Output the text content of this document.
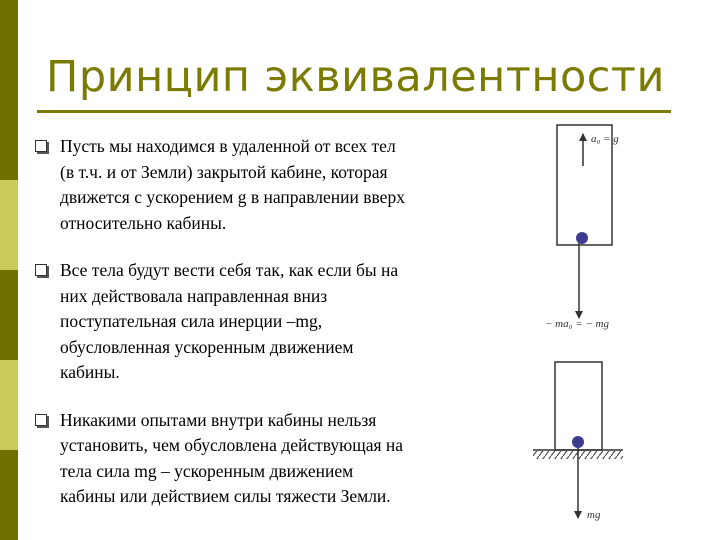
Принцип эквивалентности
Пусть мы находимся в удаленной от всех тел
(в т.ч. и от Земли) закрытой кабине, которая
движется с ускорением g в направлении вверх
относительно кабины.
Все тела будут вести себя так, как если бы на
них действовала направленная вниз
поступательная сила инерции –mg,
обусловленная ускоренным движением
кабины.
Никакими опытами внутри кабины нельзя
установить, чем обусловлена действующая на
тела сила mg – ускоренным движением
кабины или действием силы тяжести Земли.
a₀ = g
− ma₀ = − mg
mg
